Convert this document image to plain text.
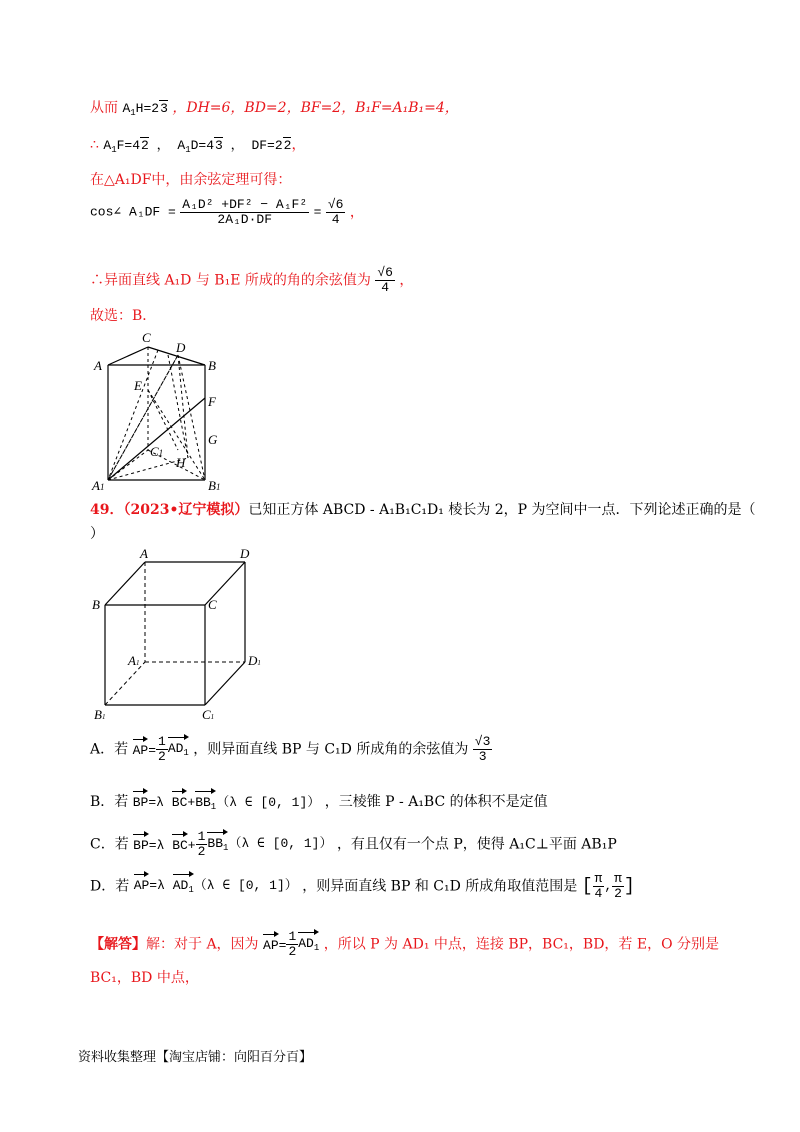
从而 $A_1H=23$ ，DH=6，BD=2，BF=2，B₁F=A₁B₁=4，
∴ $A_1F=42$ ， $A_1D=43$ ， DF=22，
在△A₁DF中，由余弦定理可得：
cos∠ $A_1DF = \frac{\text{A₁D² +DF² − A₁F²}}{\text{2A₁D·DF}} = \frac{√6}{4}$ ，
∴异面直线 A₁D 与 B₁E 所成的角的余弦值为 $\frac{√6}{4}$ ，
故选：B．
A
C
D
B
E
F
G
C1
H
A1	B1
49．（2023•辽宁模拟）已知正方体 ABCD - A₁B₁C₁D₁ 棱长为 2，P 为空间中一点．下列论述正确的是（
）
A	D
B	C
A1	D1
B1	C1
A．若 $AP= \frac{1}{2} AD_1$ ，则异面直线 BP 与 C₁D 所成角的余弦值为 $\frac{√3}{3}$
B．若 BP=λ $BC+BB_1(\lambda$ ∈ [0, 1]） ，三棱锥 P - A₁BC 的体积不是定值
C．若 BP=λ $BC+ \frac{1}{2} BB_1(\lambda$ ∈ [0, 1]） ，有且仅有一个点 P，使得 A₁C⊥平面 AB₁P
D．若 AP=λ $AD_1(\lambda$ ∈ [0, 1]） ，则异面直线 BP 和 C₁D 所成角取值范围是 [ $\frac{\pi}{4}$ , $\frac{\pi}{2}$ ]
【解答】解：对于 A，因为 $AP= \frac{1}{2} AD_1$ ，所以 P 为 AD₁ 中点，连接 BP，BC₁，BD，若 E，O 分别是
BC₁，BD 中点，
资料收集整理【淘宝店铺：向阳百分百】
